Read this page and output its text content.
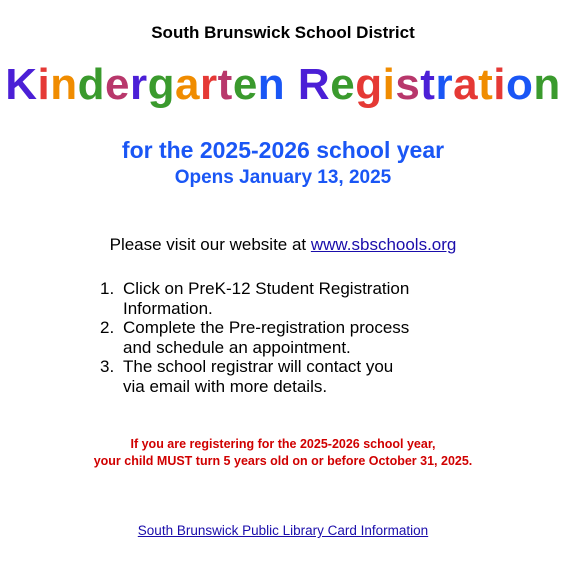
South Brunswick School District
Kindergarten Registration
for the 2025-2026 school year
Opens January 13, 2025
Please visit our website at www.sbschools.org
1. Click on PreK-12 Student Registration
Information.
2. Complete the Pre-registration process
and schedule an appointment.
3. The school registrar will contact you
via email with more details.
If you are registering for the 2025-2026 school year,
your child MUST turn 5 years old on or before October 31, 2025.
South Brunswick Public Library Card Information
